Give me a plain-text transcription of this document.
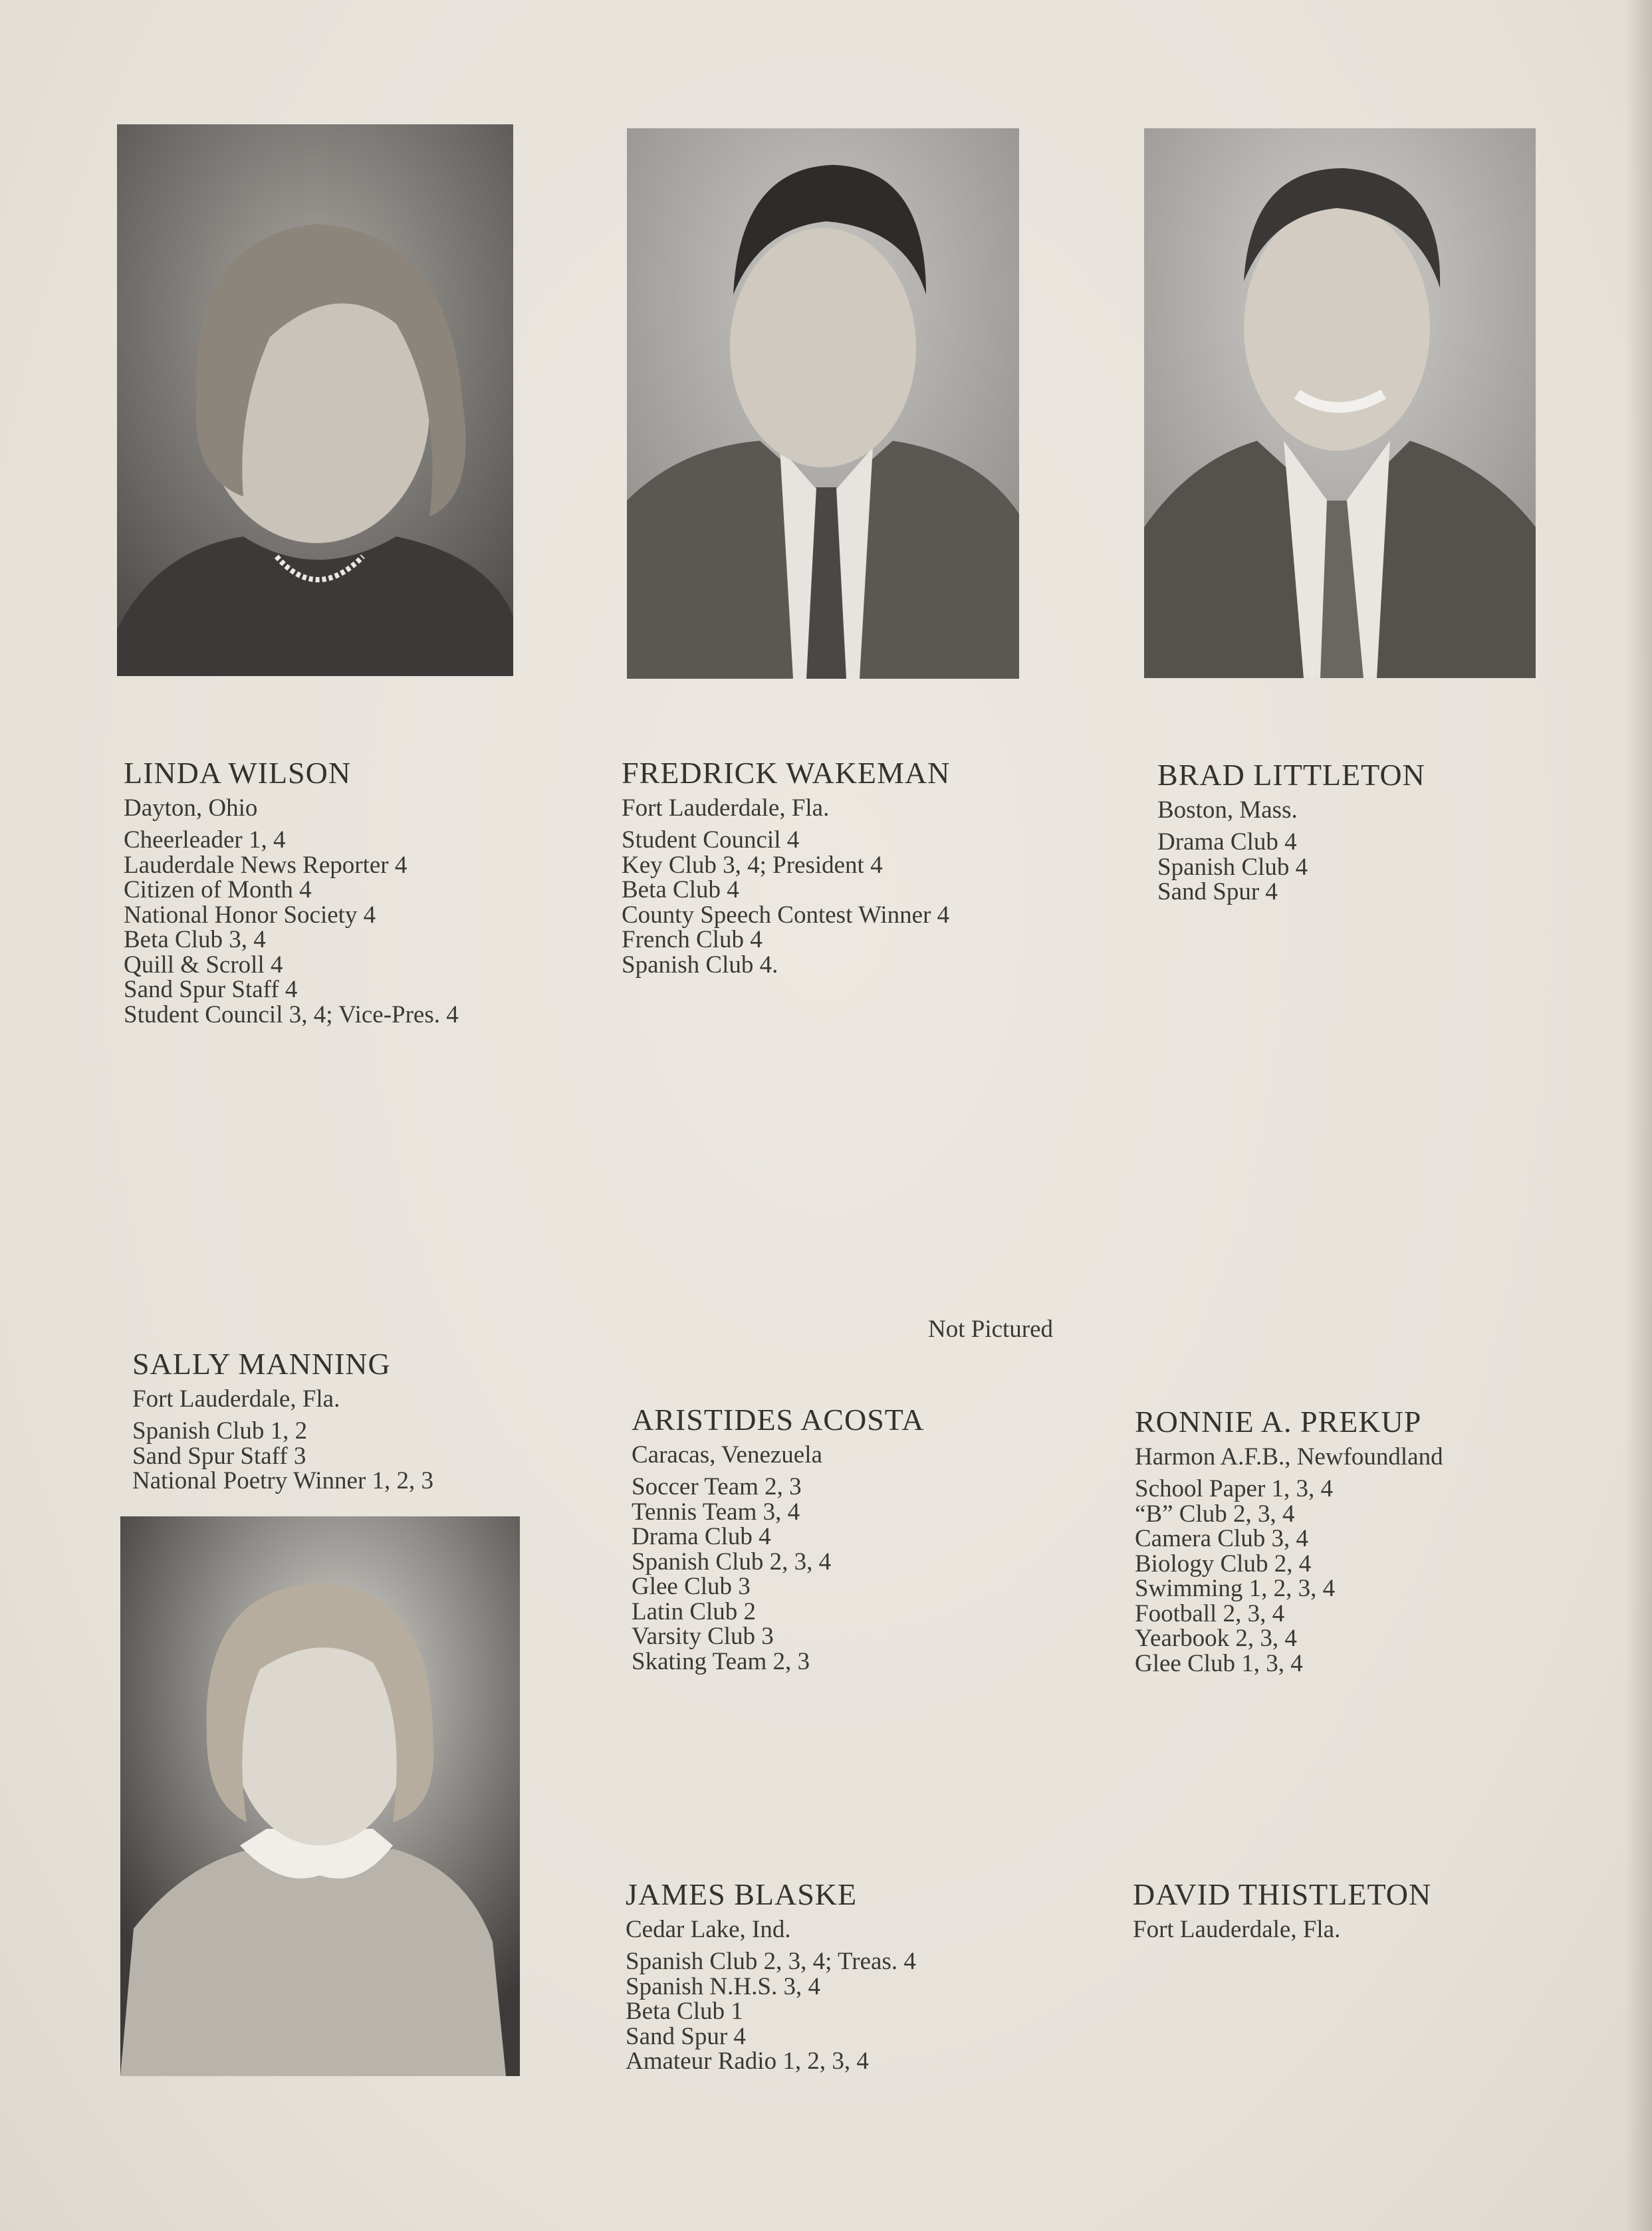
LINDA WILSON
Dayton, Ohio
Cheerleader 1, 4
Lauderdale News Reporter 4
Citizen of Month 4
National Honor Society 4
Beta Club 3, 4
Quill & Scroll 4
Sand Spur Staff 4
Student Council 3, 4; Vice-Pres. 4
FREDRICK WAKEMAN
Fort Lauderdale, Fla.
Student Council 4
Key Club 3, 4; President 4
Beta Club 4
County Speech Contest Winner 4
French Club 4
Spanish Club 4.
BRAD LITTLETON
Boston, Mass.
Drama Club 4
Spanish Club 4
Sand Spur 4
Not Pictured
SALLY MANNING
Fort Lauderdale, Fla.
Spanish Club 1, 2
Sand Spur Staff 3
National Poetry Winner 1, 2, 3
ARISTIDES ACOSTA
Caracas, Venezuela
Soccer Team 2, 3
Tennis Team 3, 4
Drama Club 4
Spanish Club 2, 3, 4
Glee Club 3
Latin Club 2
Varsity Club 3
Skating Team 2, 3
RONNIE A. PREKUP
Harmon A.F.B., Newfoundland
School Paper 1, 3, 4
“B” Club 2, 3, 4
Camera Club 3, 4
Biology Club 2, 4
Swimming 1, 2, 3, 4
Football 2, 3, 4
Yearbook 2, 3, 4
Glee Club 1, 3, 4
JAMES BLASKE
Cedar Lake, Ind.
Spanish Club 2, 3, 4; Treas. 4
Spanish N.H.S. 3, 4
Beta Club 1
Sand Spur 4
Amateur Radio 1, 2, 3, 4
DAVID THISTLETON
Fort Lauderdale, Fla.
